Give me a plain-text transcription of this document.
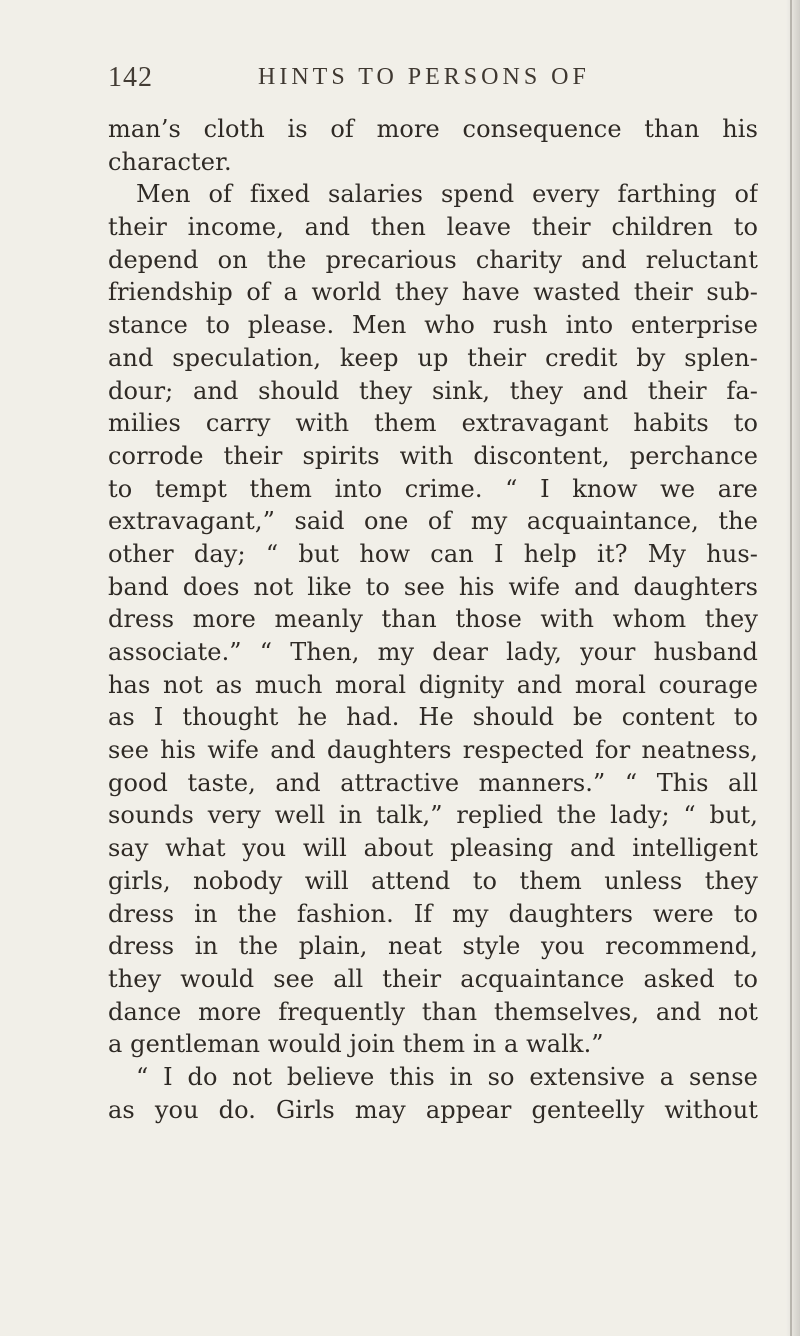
142	HINTS TO PERSONS OF
man’s cloth is of more consequence than his
character.
Men of fixed salaries spend every farthing of
their income, and then leave their children to
depend on the precarious charity and reluctant
friendship of a world they have wasted their sub-
stance to please. Men who rush into enterprise
and speculation, keep up their credit by splen-
dour; and should they sink, they and their fa-
milies carry with them extravagant habits to
corrode their spirits with discontent, perchance
to tempt them into crime. “ I know we are
extravagant,” said one of my acquaintance, the
other day; “ but how can I help it? My hus-
band does not like to see his wife and daughters
dress more meanly than those with whom they
associate.” “ Then, my dear lady, your husband
has not as much moral dignity and moral courage
as I thought he had. He should be content to
see his wife and daughters respected for neatness,
good taste, and attractive manners.” “ This all
sounds very well in talk,” replied the lady; “ but,
say what you will about pleasing and intelligent
girls, nobody will attend to them unless they
dress in the fashion. If my daughters were to
dress in the plain, neat style you recommend,
they would see all their acquaintance asked to
dance more frequently than themselves, and not
a gentleman would join them in a walk.”
“ I do not believe this in so extensive a sense
as you do. Girls may appear genteelly without
